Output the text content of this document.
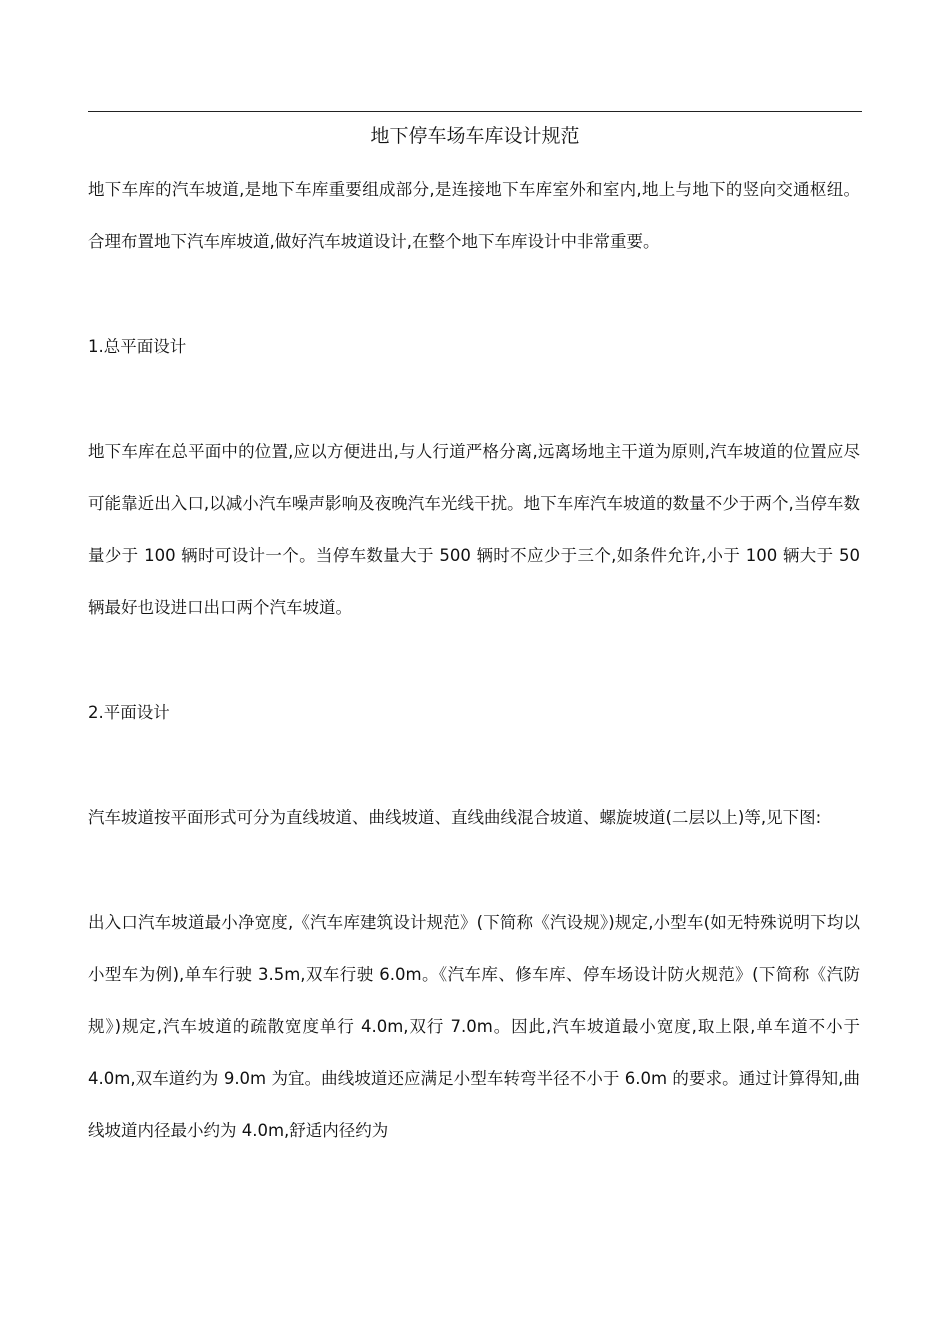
地下停车场车库设计规范

地下车库的汽车坡道,是地下车库重要组成部分,是连接地下车库室外和室内,地上与地下的竖向交通枢纽。合理布置地下汽车库坡道,做好汽车坡道设计,在整个地下车库设计中非常重要。

1.总平面设计

地下车库在总平面中的位置,应以方便进出,与人行道严格分离,远离场地主干道为原则,汽车坡道的位置应尽可能靠近出入口,以减小汽车噪声影响及夜晚汽车光线干扰。地下车库汽车坡道的数量不少于两个,当停车数量少于 100 辆时可设计一个。当停车数量大于 500 辆时不应少于三个,如条件允许,小于 100 辆大于 50 辆最好也设进口出口两个汽车坡道。

2.平面设计

汽车坡道按平面形式可分为直线坡道、曲线坡道、直线曲线混合坡道、螺旋坡道(二层以上)等,见下图:

出入口汽车坡道最小净宽度,《汽车库建筑设计规范》(下简称《汽设规》)规定,小型车(如无特殊说明下均以小型车为例),单车行驶 3.5m,双车行驶 6.0m。《汽车库、修车库、停车场设计防火规范》(下简称《汽防规》)规定,汽车坡道的疏散宽度单行 4.0m,双行 7.0m。因此,汽车坡道最小宽度,取上限,单车道不小于 4.0m,双车道约为 9.0m 为宜。曲线坡道还应满足小型车转弯半径不小于 6.0m 的要求。通过计算得知,曲线坡道内径最小约为 4.0m,舒适内径约为
